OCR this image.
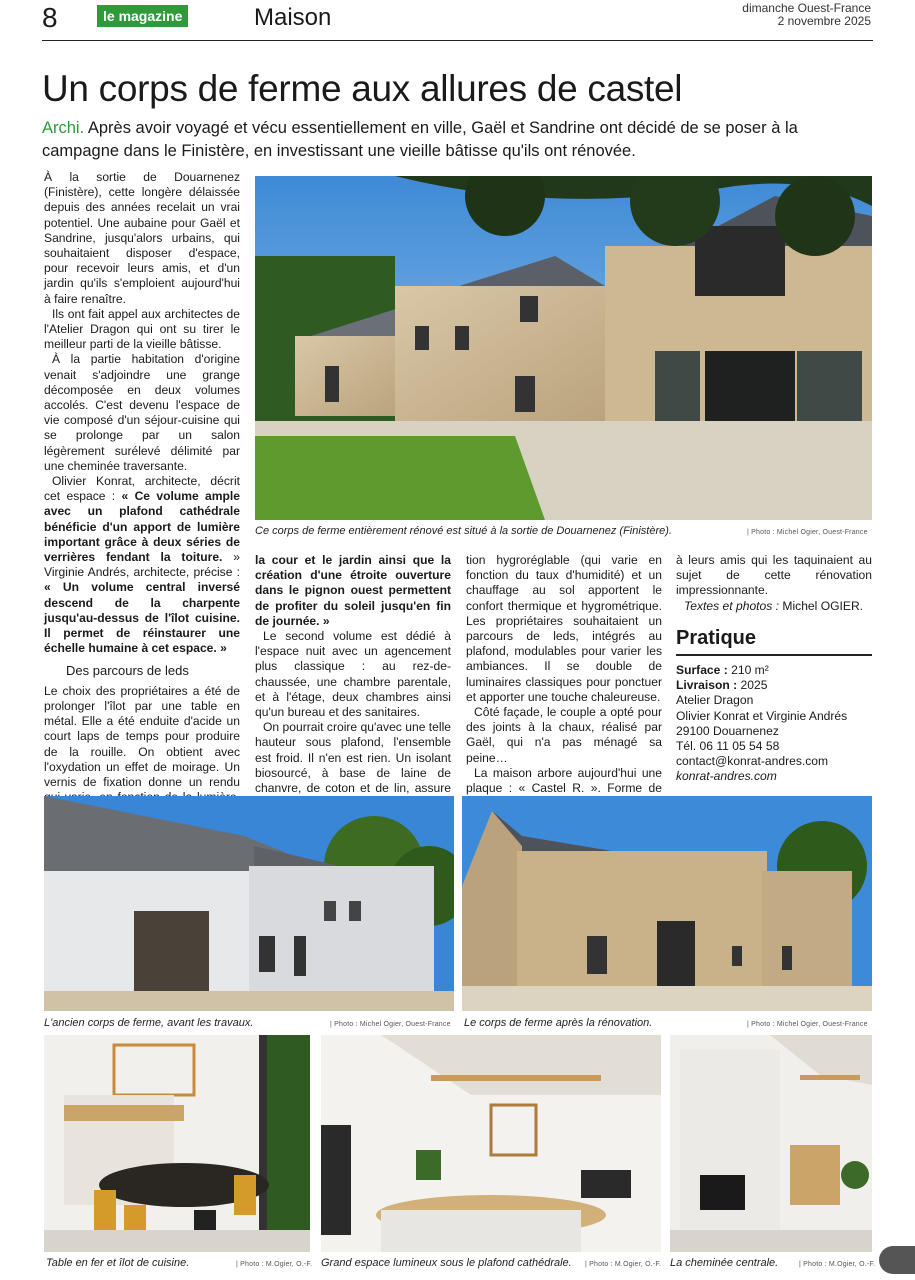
8	le magazine	Maison	dimanche Ouest-France
2 novembre 2025
Un corps de ferme aux allures de castel
Archi. Après avoir voyagé et vécu essentiellement en ville, Gaël et Sandrine ont décidé de se poser à la campagne dans le Finistère, en investissant une vieille bâtisse qu'ils ont rénovée.

À la sortie de Douarnenez (Finistère), cette longère délaissée depuis des années recelait un vrai potentiel. Une aubaine pour Gaël et Sandrine, jusqu'alors urbains, qui souhaitaient disposer d'espace, pour recevoir leurs amis, et d'un jardin qu'ils s'emploient aujourd'hui à faire renaître.

Ils ont fait appel aux architectes de l'Atelier Dragon qui ont su tirer le meilleur parti de la vieille bâtisse.

À la partie habitation d'origine venait s'adjoindre une grange décomposée en deux volumes accolés. C'est devenu l'espace de vie composé d'un séjour-cuisine qui se prolonge par un salon légèrement surélevé délimité par une cheminée traversante.

Olivier Konrat, architecte, décrit cet espace : « Ce volume ample avec un plafond cathédrale bénéficie d'un apport de lumière important grâce à deux séries de verrières fendant la toiture. » Virginie Andrés, architecte, précise : « Un volume central inversé descend de la charpente jusqu'au-dessus de l'îlot cuisine. Il permet de réinstaurer une échelle humaine à cet espace. »

Des parcours de leds

Le choix des propriétaires a été de prolonger l'îlot par une table en métal. Elle a été enduite d'acide un court laps de temps pour produire de la rouille. On obtient avec l'oxydation un effet de moirage. Un vernis de fixation donne un rendu

Ce corps de ferme entièrement rénové est situé à la sortie de Douarnenez (Finistère).	| Photo : Michel Ogier, Ouest-France

la cour et le jardin ainsi que la création d'une étroite ouverture dans le pignon ouest permettent de profiter du soleil jusqu'en fin de journée. »

Le second volume est dédié à l'espace nuit avec un agencement plus classique : au rez-de-chaussée, une chambre parentale, et à l'étage, deux chambres ainsi qu'un bureau et des sanitaires.

On pourrait croire qu'avec une telle hauteur sous plafond, l'ensemble est froid. Il n'en est rien. Un isolant biosourcé, à base de laine de chanvre, de coton et de lin, assure

tion hygroréglable (qui varie en fonction du taux d'humidité) et un chauffage au sol apportent le confort thermique et hygrométrique. Les propriétaires souhaitaient un parcours de leds, intégrés au plafond, modulables pour varier les ambiances. Il se double de luminaires classiques pour ponctuer et apporter une touche chaleureuse.

Côté façade, le couple a opté pour des joints à la chaux, réalisé par Gaël, qui n'a pas ménagé sa peine…

La maison arbore aujourd'hui une plaque : « Castel R. ». Forme de

à leurs amis qui les taquinaient au sujet de cette rénovation impressionnante.

Textes et photos : Michel OGIER.

Pratique
Surface : 210 m²
Livraison : 2025
Atelier Dragon
Olivier Konrat et Virginie Andrés
29100 Douarnenez
Tél. 06 11 05 54 58
contact@konrat-andres.com
konrat-andres.com
L'ancien corps de ferme, avant les travaux.	| Photo : Michel Ogier, Ouest-France Le corps de ferme après la rénovation.	| Photo : Michel Ogier, Ouest-France
Table en fer et îlot de cuisine.	| Photo : M.Ogier, O.-F. Grand espace lumineux sous le plafond cathédrale. | Photo : M.Ogier, O.-F. La cheminée centrale.	| Photo : M.Ogier, O.-F.
